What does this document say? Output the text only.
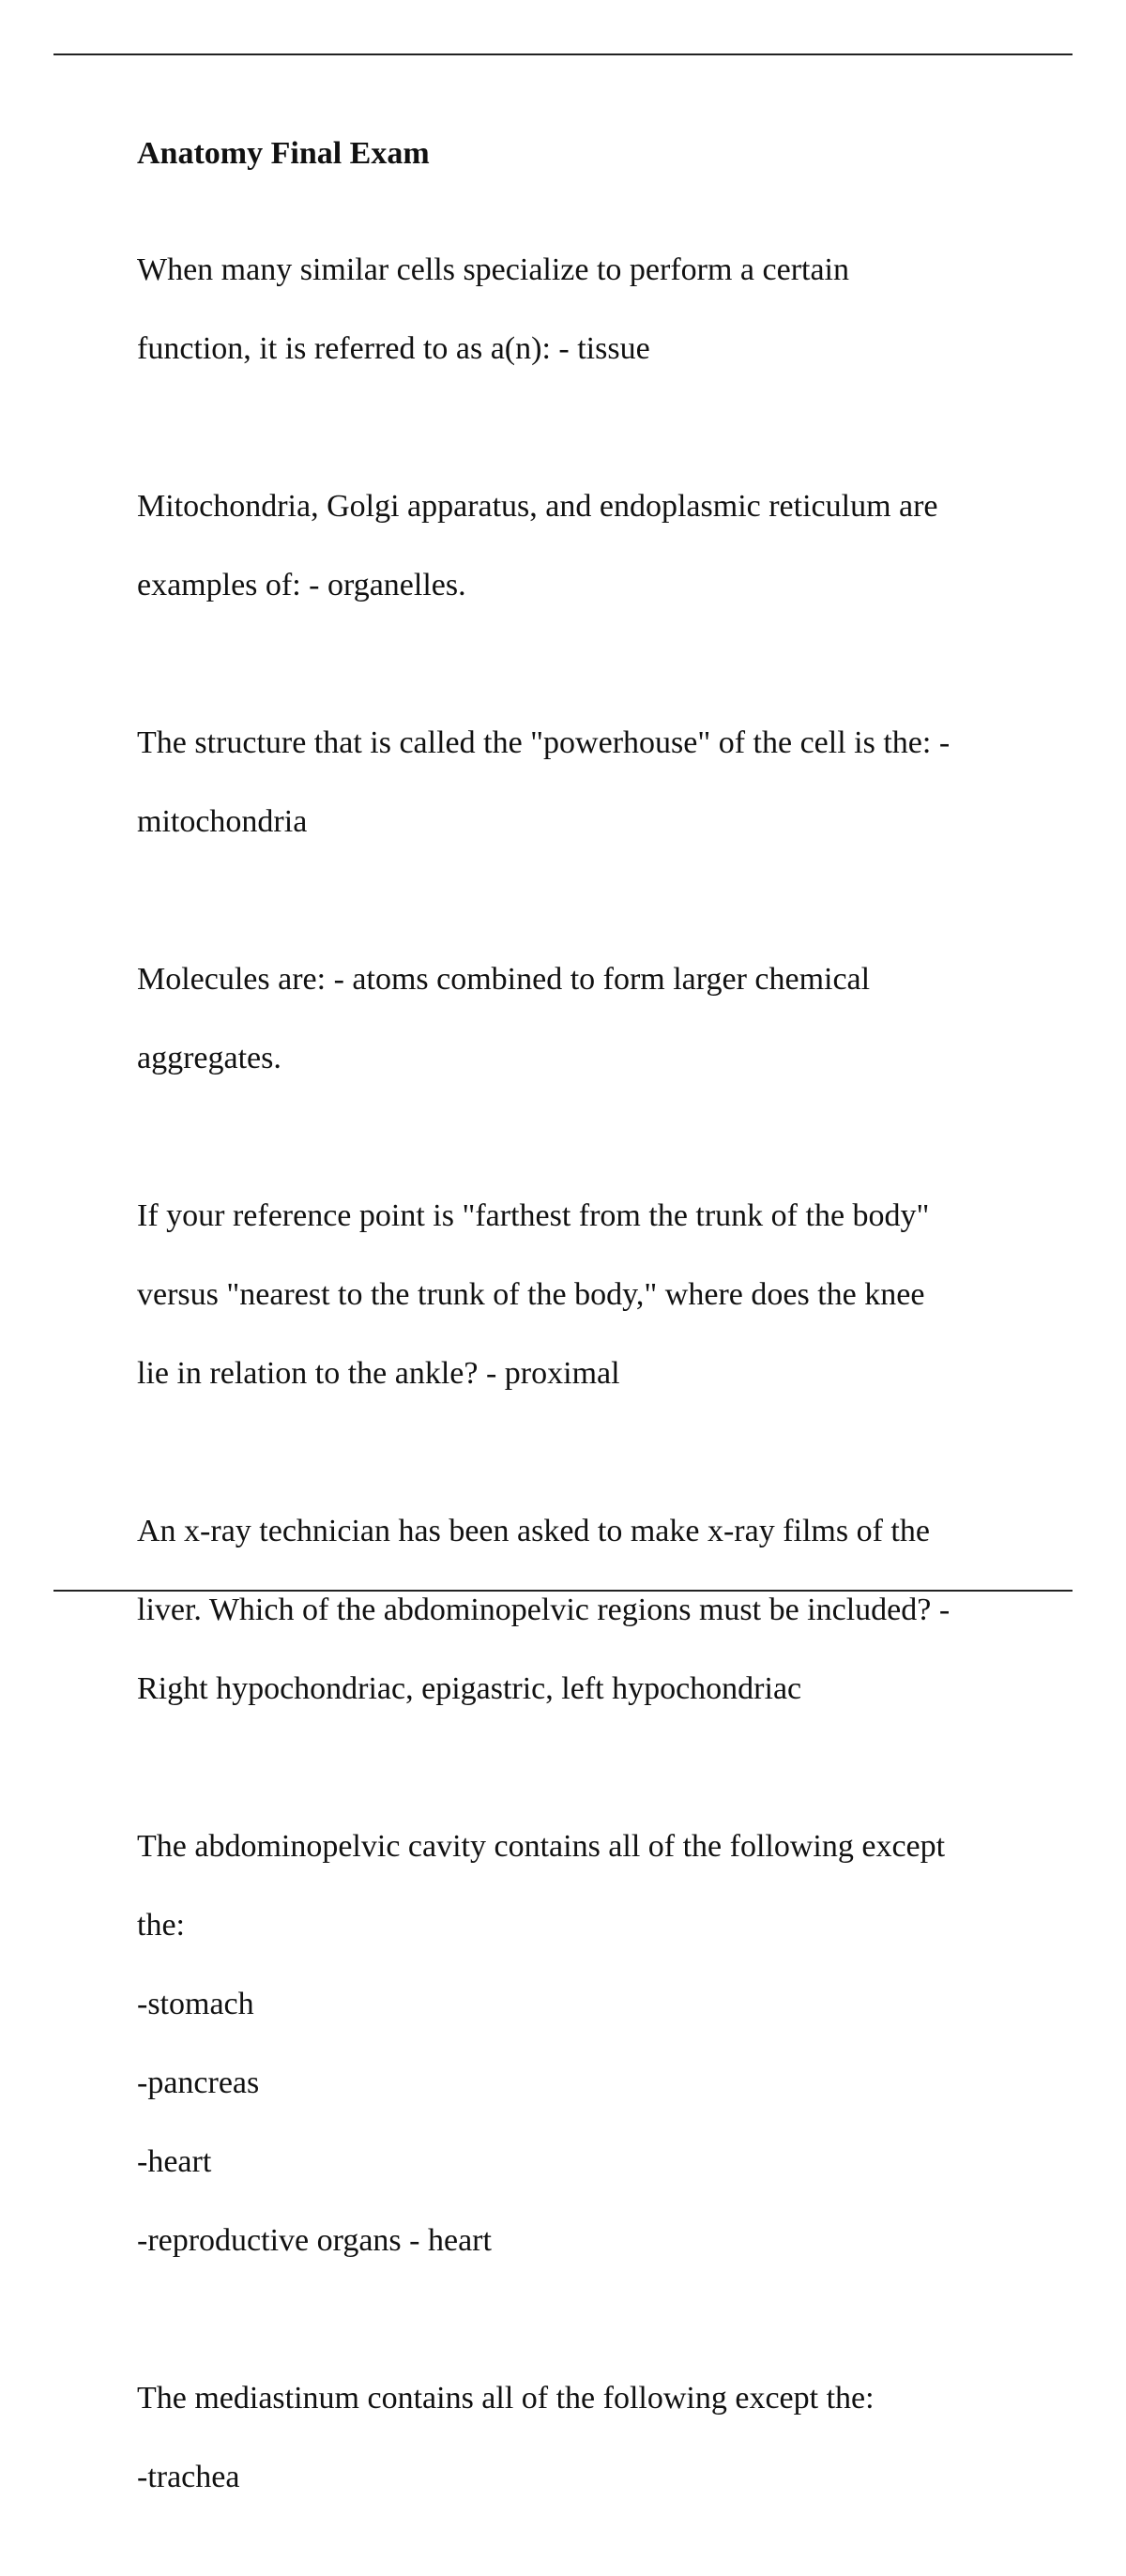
Anatomy Final Exam

When many similar cells specialize to perform a certain

function, it is referred to as a(n): - tissue

Mitochondria, Golgi apparatus, and endoplasmic reticulum are

examples of: - organelles.

The structure that is called the "powerhouse" of the cell is the: -

mitochondria

Molecules are: - atoms combined to form larger chemical

aggregates.

If your reference point is "farthest from the trunk of the body"

versus "nearest to the trunk of the body," where does the knee

lie in relation to the ankle? - proximal

An x-ray technician has been asked to make x-ray films of the

liver. Which of the abdominopelvic regions must be included? -

Right hypochondriac, epigastric, left hypochondriac

The abdominopelvic cavity contains all of the following except

the:

-stomach

-pancreas

-heart

-reproductive organs - heart

The mediastinum contains all of the following except the:

-trachea
